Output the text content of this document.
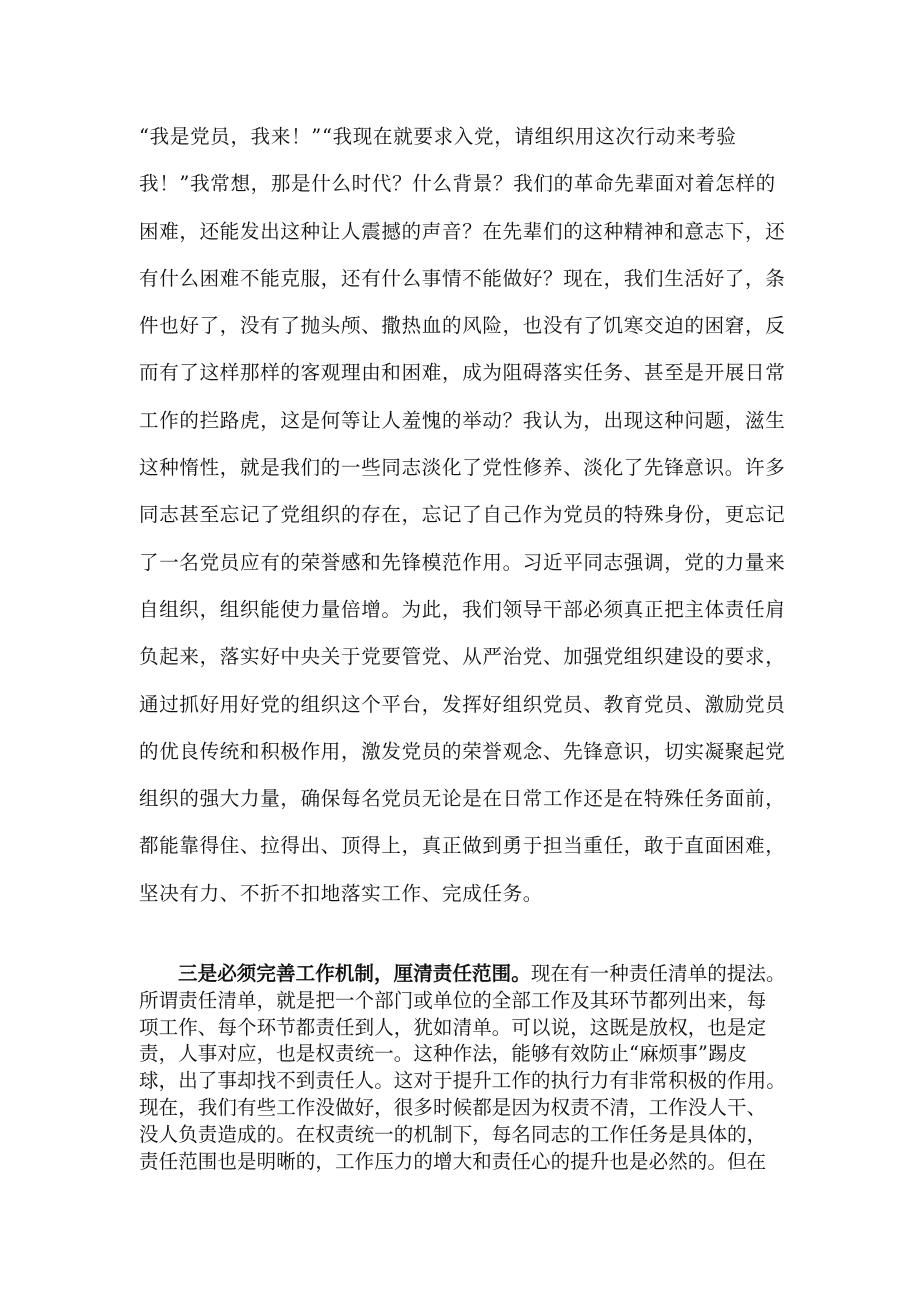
“我是党员，我来！”“我现在就要求入党，请组织用这次行动来考验
我！”我常想，那是什么时代？什么背景？我们的革命先辈面对着怎样的
困难，还能发出这种让人震撼的声音？在先辈们的这种精神和意志下，还
有什么困难不能克服，还有什么事情不能做好？现在，我们生活好了，条
件也好了，没有了抛头颅、撒热血的风险，也没有了饥寒交迫的困窘，反
而有了这样那样的客观理由和困难，成为阻碍落实任务、甚至是开展日常
工作的拦路虎，这是何等让人羞愧的举动？我认为，出现这种问题，滋生
这种惰性，就是我们的一些同志淡化了党性修养、淡化了先锋意识。许多
同志甚至忘记了党组织的存在，忘记了自己作为党员的特殊身份，更忘记
了一名党员应有的荣誉感和先锋模范作用。习近平同志强调，党的力量来
自组织，组织能使力量倍增。为此，我们领导干部必须真正把主体责任肩
负起来，落实好中央关于党要管党、从严治党、加强党组织建设的要求，
通过抓好用好党的组织这个平台，发挥好组织党员、教育党员、激励党员
的优良传统和积极作用，激发党员的荣誉观念、先锋意识，切实凝聚起党
组织的强大力量，确保每名党员无论是在日常工作还是在特殊任务面前，
都能靠得住、拉得出、顶得上，真正做到勇于担当重任，敢于直面困难，
坚决有力、不折不扣地落实工作、完成任务。
三是必须完善工作机制，厘清责任范围。现在有一种责任清单的提法。
所谓责任清单，就是把一个部门或单位的全部工作及其环节都列出来，每
项工作、每个环节都责任到人，犹如清单。可以说，这既是放权，也是定
责，人事对应，也是权责统一。这种作法，能够有效防止“麻烦事”踢皮
球，出了事却找不到责任人。这对于提升工作的执行力有非常积极的作用。
现在，我们有些工作没做好，很多时候都是因为权责不清，工作没人干、
没人负责造成的。在权责统一的机制下，每名同志的工作任务是具体的，
责任范围也是明晰的，工作压力的增大和责任心的提升也是必然的。但在
